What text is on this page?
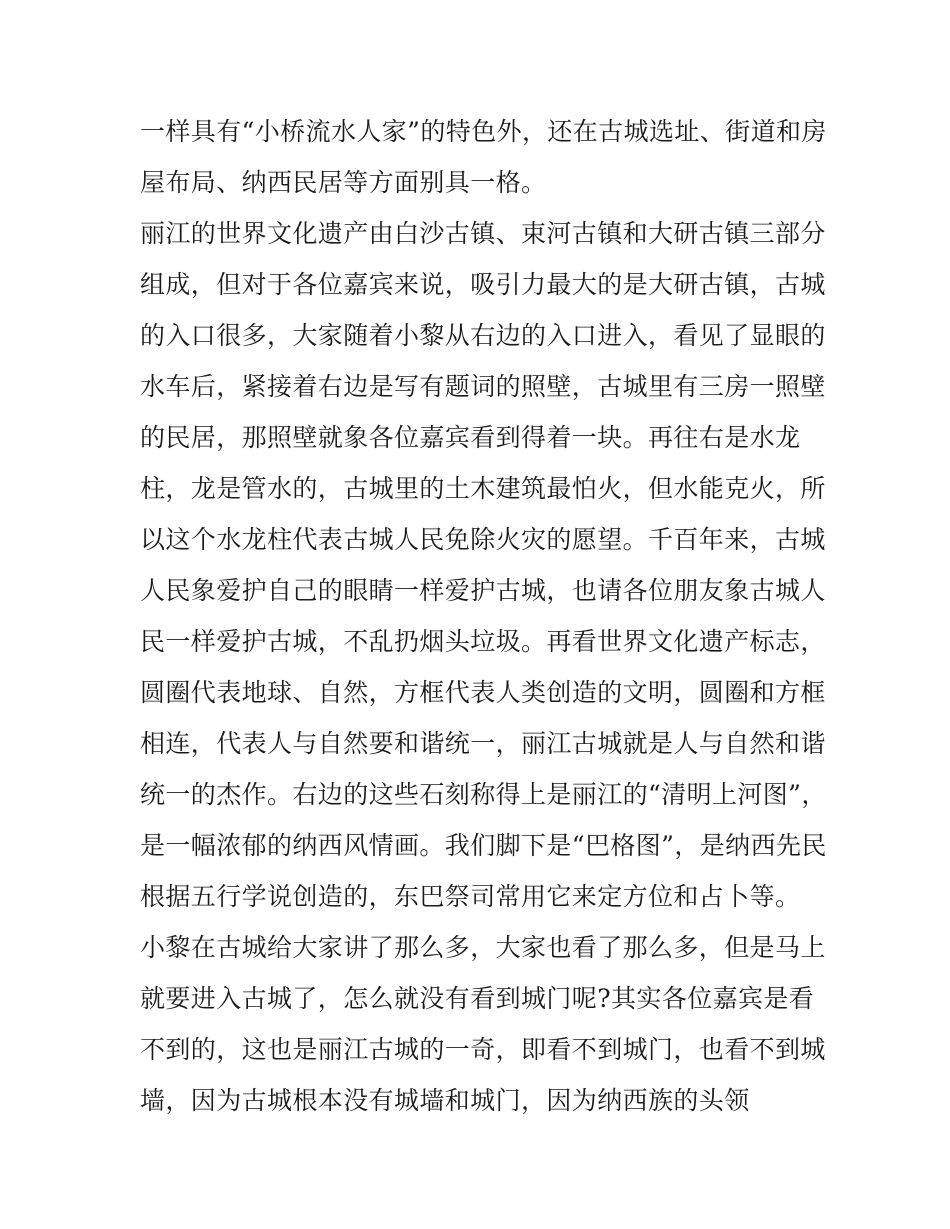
一样具有“小桥流水人家”的特色外，还在古城选址、街道和房
屋布局、纳西民居等方面别具一格。
丽江的世界文化遗产由白沙古镇、束河古镇和大研古镇三部分
组成，但对于各位嘉宾来说，吸引力最大的是大研古镇，古城
的入口很多，大家随着小黎从右边的入口进入，看见了显眼的
水车后，紧接着右边是写有题词的照壁，古城里有三房一照壁
的民居，那照壁就象各位嘉宾看到得着一块。再往右是水龙
柱，龙是管水的，古城里的土木建筑最怕火，但水能克火，所
以这个水龙柱代表古城人民免除火灾的愿望。千百年来，古城
人民象爱护自己的眼睛一样爱护古城，也请各位朋友象古城人
民一样爱护古城，不乱扔烟头垃圾。再看世界文化遗产标志，
圆圈代表地球、自然，方框代表人类创造的文明，圆圈和方框
相连，代表人与自然要和谐统一，丽江古城就是人与自然和谐
统一的杰作。右边的这些石刻称得上是丽江的“清明上河图”，
是一幅浓郁的纳西风情画。我们脚下是“巴格图”，是纳西先民
根据五行学说创造的，东巴祭司常用它来定方位和占卜等。
小黎在古城给大家讲了那么多，大家也看了那么多，但是马上
就要进入古城了，怎么就没有看到城门呢?其实各位嘉宾是看
不到的，这也是丽江古城的一奇，即看不到城门，也看不到城
墙，因为古城根本没有城墙和城门，因为纳西族的头领
